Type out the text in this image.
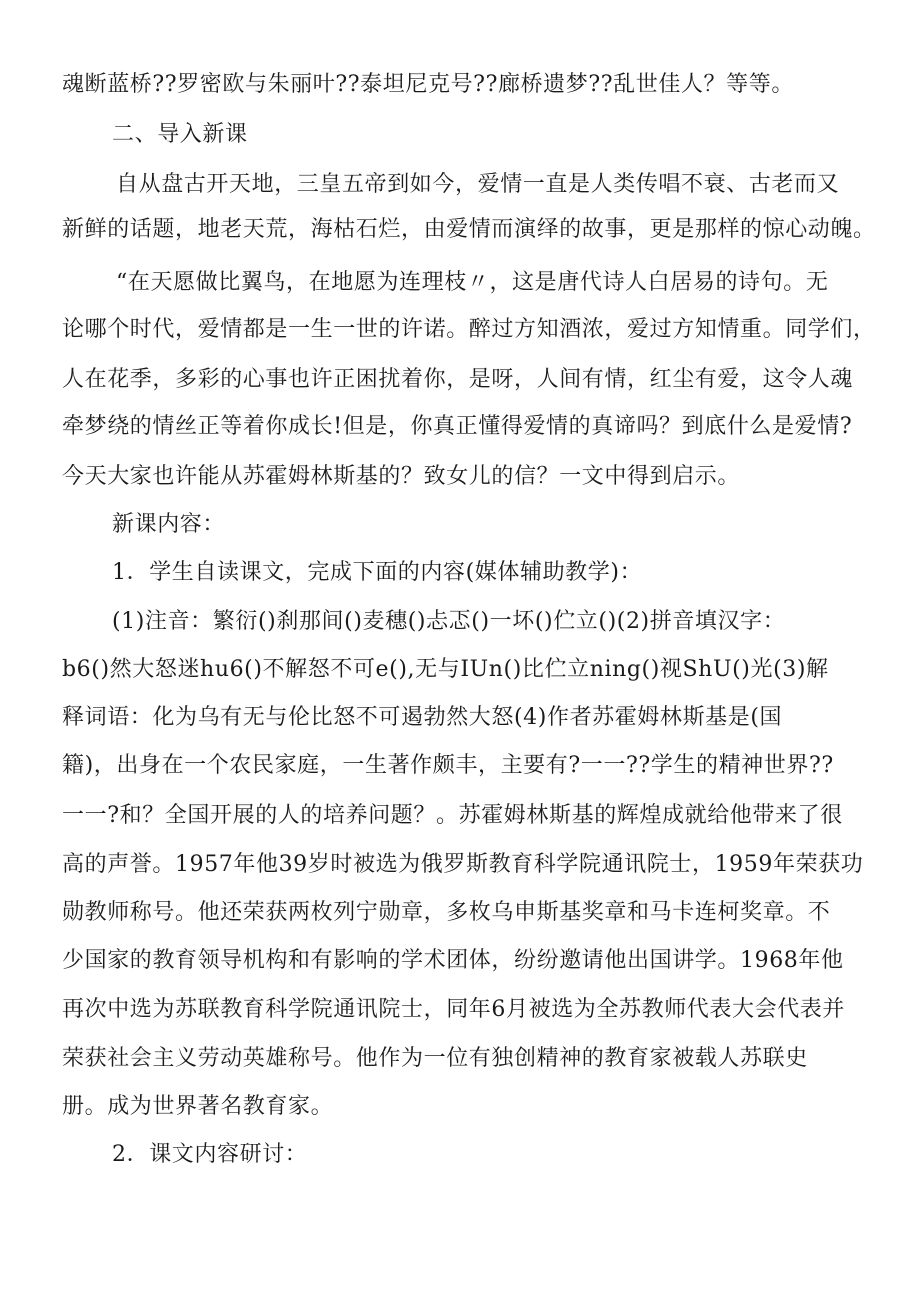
魂断蓝桥??罗密欧与朱丽叶??泰坦尼克号??廊桥遗梦??乱世佳人？等等。
二、导入新课
自从盘古开天地，三皇五帝到如今，爱情一直是人类传唱不衰、古老而又
新鲜的话题，地老天荒，海枯石烂，由爱情而演绎的故事，更是那样的惊心动魄。
“在天愿做比翼鸟，在地愿为连理枝〃，这是唐代诗人白居易的诗句。无
论哪个时代，爱情都是一生一世的许诺。醉过方知酒浓，爱过方知情重。同学们，
人在花季，多彩的心事也许正困扰着你，是呀，人间有情，红尘有爱，这令人魂
牵梦绕的情丝正等着你成长!但是，你真正懂得爱情的真谛吗？到底什么是爱情?
今天大家也许能从苏霍姆林斯基的？致女儿的信？一文中得到启示。
新课内容：
1．学生自读课文，完成下面的内容(媒体辅助教学)：
(1)注音：繁衍()刹那间()麦穗()忐忑()一坏()伫立()(2)拼音填汉字：
b6()然大怒迷hu6()不解怒不可e(),无与IUn()比伫立ning()视ShU()光(3)解
释词语：化为乌有无与伦比怒不可遏勃然大怒(4)作者苏霍姆林斯基是(国
籍)，出身在一个农民家庭，一生著作颇丰，主要有?一一??学生的精神世界??
一一?和？全国开展的人的培养问题？。苏霍姆林斯基的辉煌成就给他带来了很
高的声誉。1957年他39岁时被选为俄罗斯教育科学院通讯院士，1959年荣获功
勋教师称号。他还荣获两枚列宁勋章，多枚乌申斯基奖章和马卡连柯奖章。不
少国家的教育领导机构和有影响的学术团体，纷纷邀请他出国讲学。1968年他
再次中选为苏联教育科学院通讯院士，同年6月被选为全苏教师代表大会代表并
荣获社会主义劳动英雄称号。他作为一位有独创精神的教育家被载人苏联史
册。成为世界著名教育家。
2．课文内容研讨：
